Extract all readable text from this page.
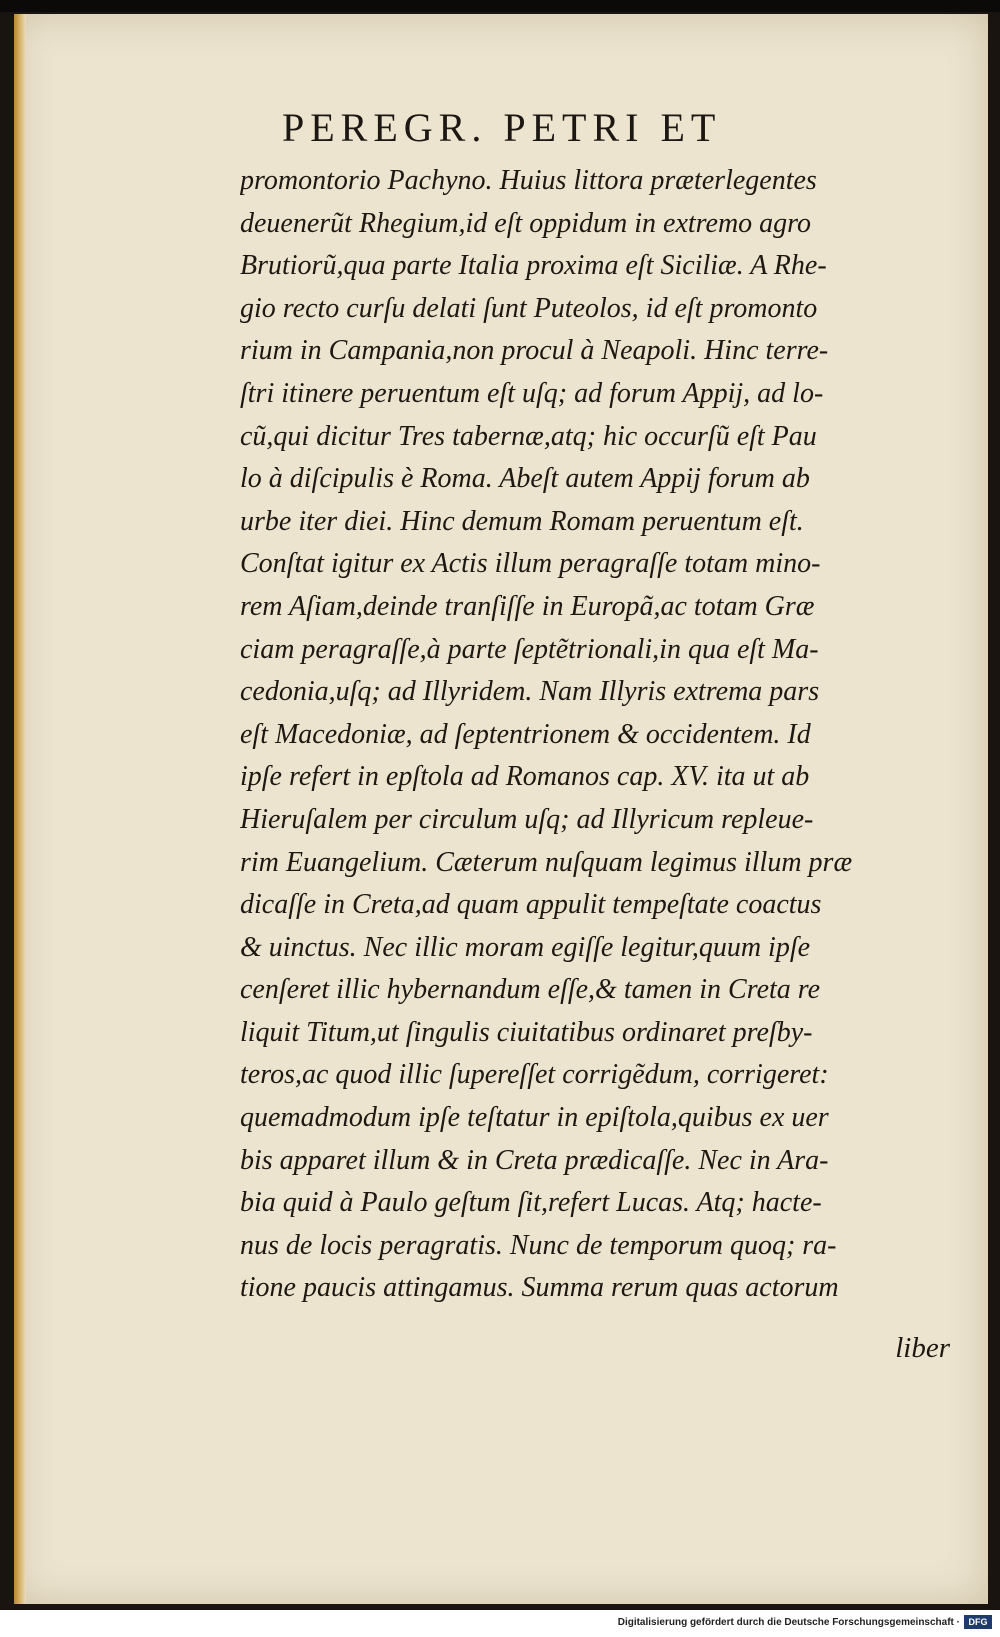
PEREGR. PETRI ET
promontorio Pachyno. Huius littora præterlegentes
deuenerũt Rhegium,id eſt oppidum in extremo agro
Brutiorũ,qua parte Italia proxima eſt Siciliæ. A Rhe-
gio recto curſu delati ſunt Puteolos, id eſt promonto
rium in Campania,non procul à Neapoli. Hinc terre-
ſtri itinere peruentum eſt uſq; ad forum Appij, ad lo-
cũ,qui dicitur Tres tabernæ,atq; hic occurſũ eſt Pau
lo à diſcipulis è Roma. Abeſt autem Appij forum ab
urbe iter diei. Hinc demum Romam peruentum eſt.
Conſtat igitur ex Actis illum peragraſſe totam mino-
rem Aſiam,deinde tranſiſſe in Europã,ac totam Græ
ciam peragraſſe,à parte ſeptẽtrionali,in qua eſt Ma-
cedonia,uſq; ad Illyridem. Nam Illyris extrema pars
eſt Macedoniæ, ad ſeptentrionem & occidentem. Id
ipſe refert in epſtola ad Romanos cap. XV. ita ut ab
Hieruſalem per circulum uſq; ad Illyricum repleue-
rim Euangelium. Cæterum nuſquam legimus illum præ
dicaſſe in Creta,ad quam appulit tempeſtate coactus
& uinctus. Nec illic moram egiſſe legitur,quum ipſe
cenſeret illic hybernandum eſſe,& tamen in Creta re
liquit Titum,ut ſingulis ciuitatibus ordinaret preſby-
teros,ac quod illic ſupereſſet corrigẽdum, corrigeret:
quemadmodum ipſe teſtatur in epiſtola,quibus ex uer
bis apparet illum & in Creta prædicaſſe. Nec in Ara-
bia quid à Paulo geſtum ſit,refert Lucas. Atq; hacte-
nus de locis peragratis. Nunc de temporum quoq; ra-
tione paucis attingamus. Summa rerum quas actorum
liber
Digitalisierung gefördert durch die Deutsche Forschungsgemeinschaft · DFG
